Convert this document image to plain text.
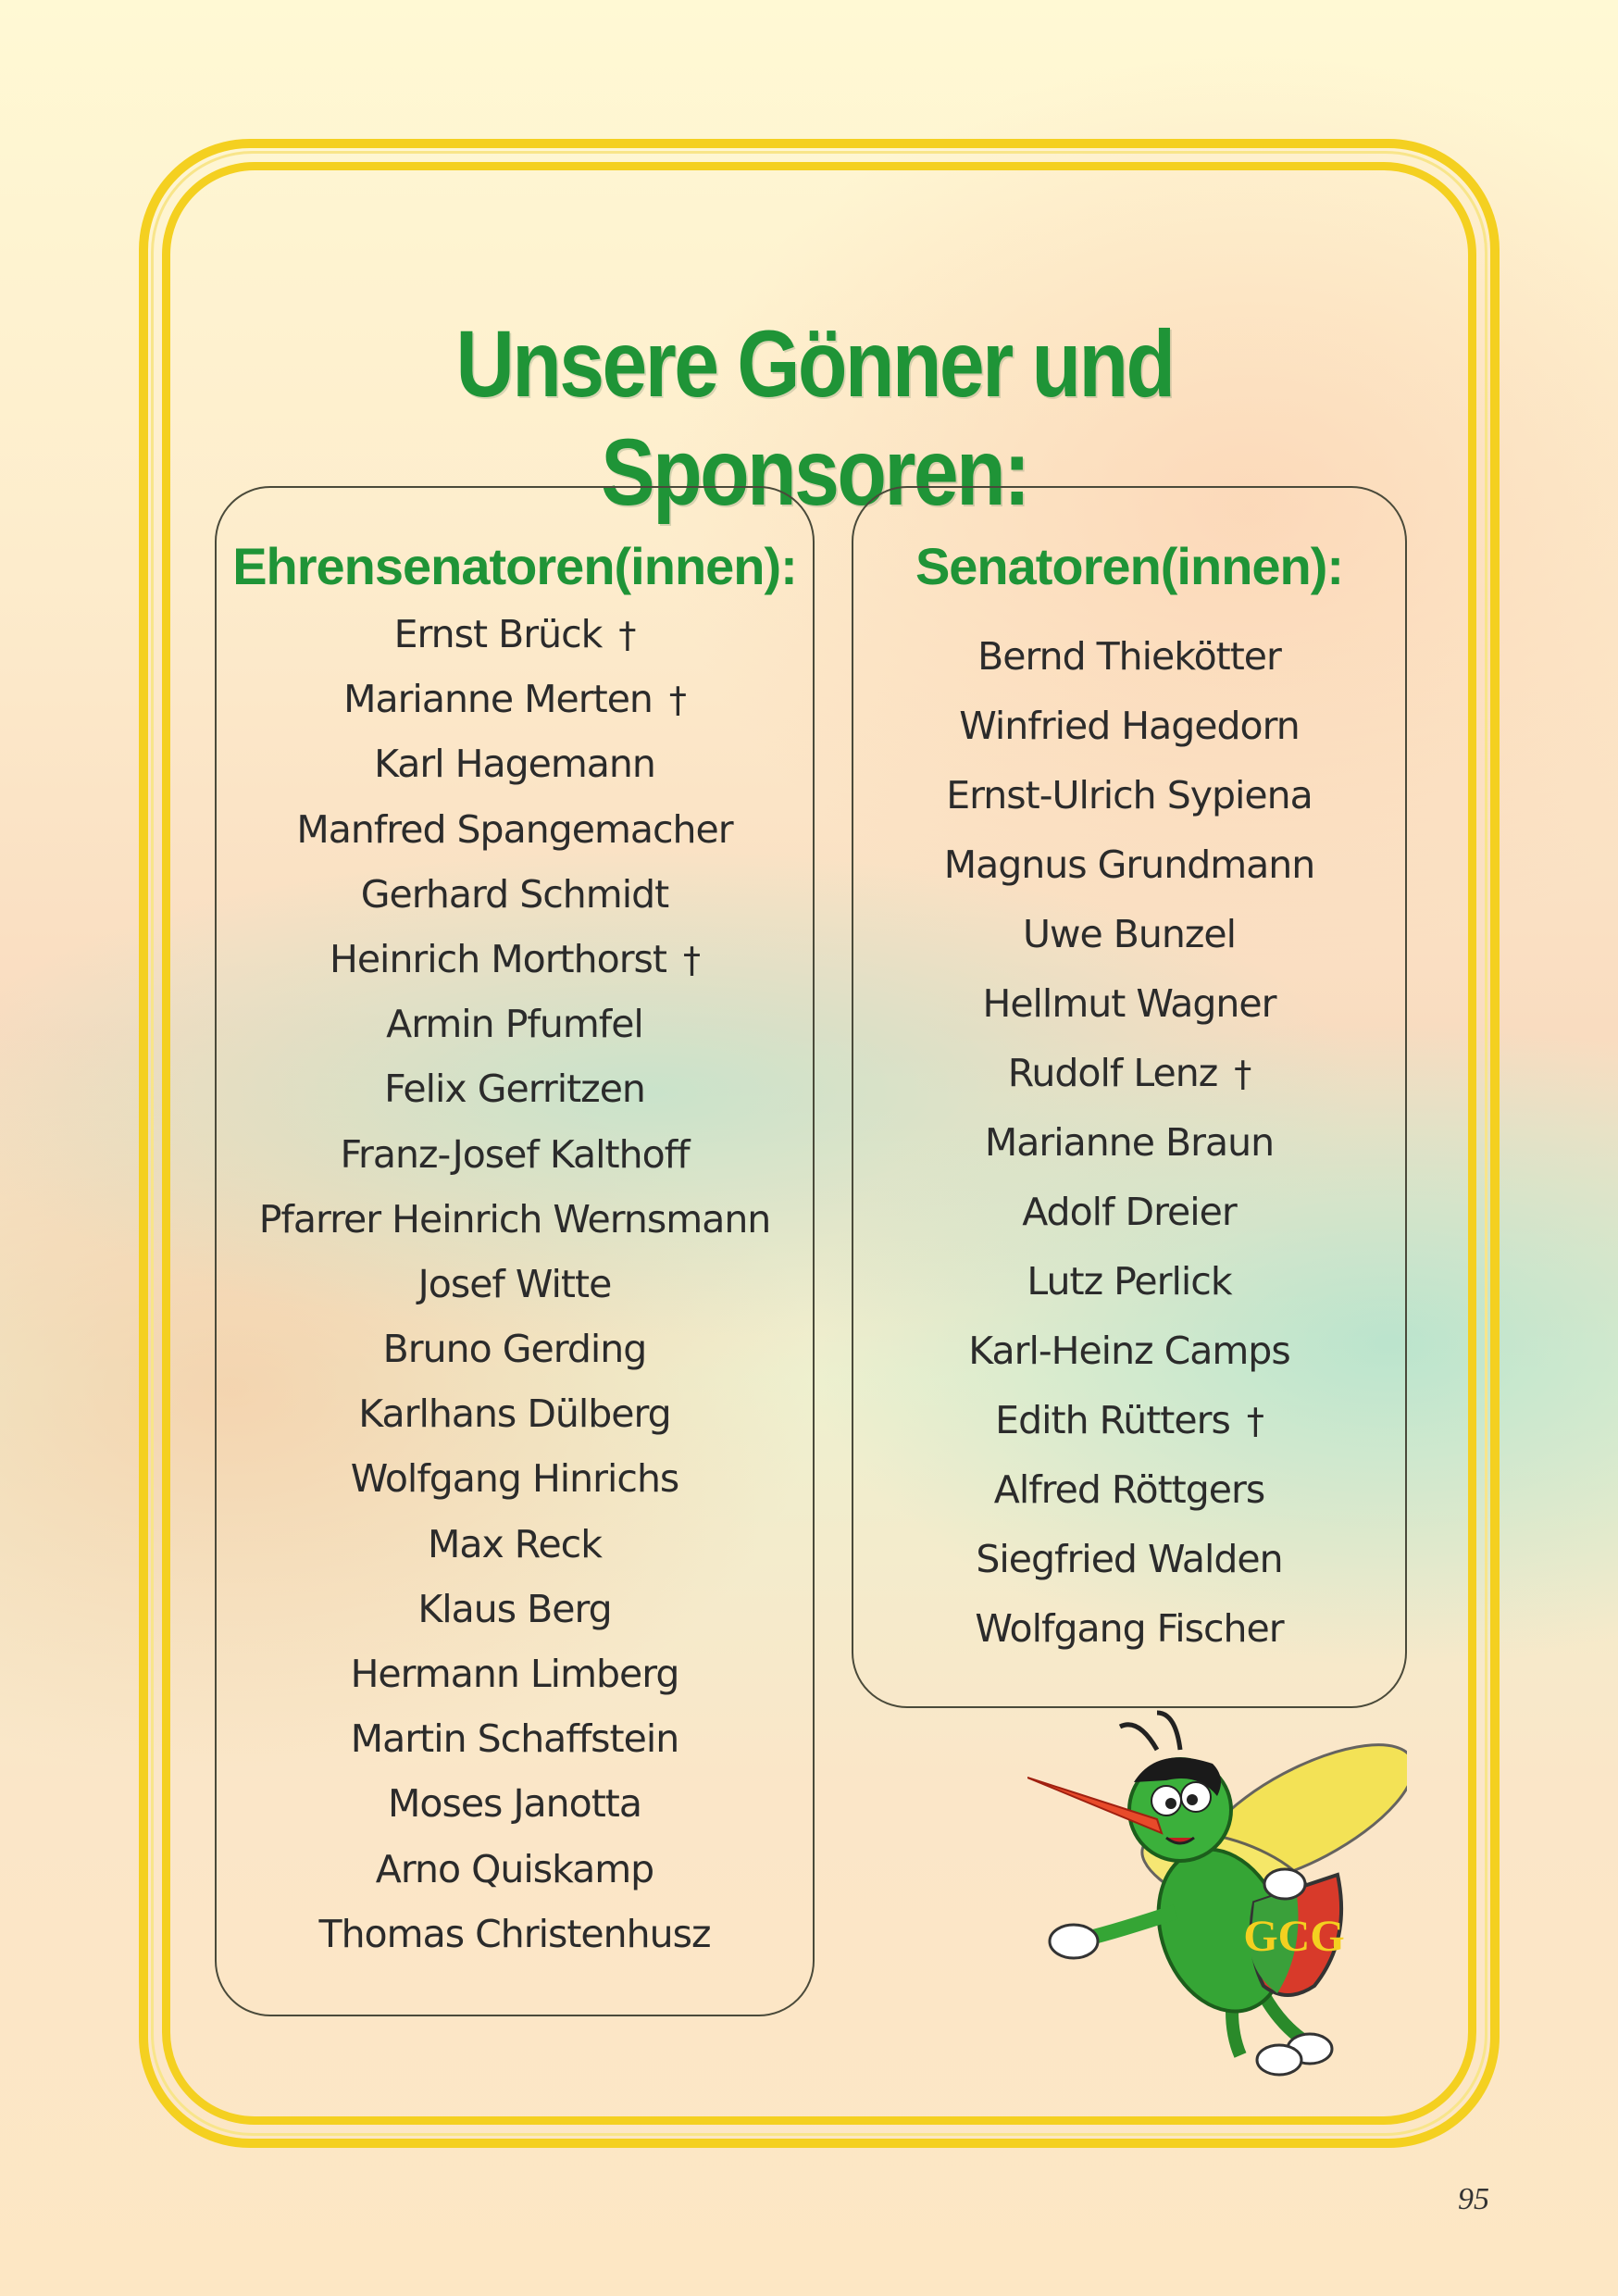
Unsere Gönner und Sponsoren:
Ehrensenatoren(innen):
Ernst Brück †
Marianne Merten †
Karl Hagemann
Manfred Spangemacher
Gerhard Schmidt
Heinrich Morthorst †
Armin Pfumfel
Felix Gerritzen
Franz-Josef Kalthoff
Pfarrer Heinrich Wernsmann
Josef Witte
Bruno Gerding
Karlhans Dülberg
Wolfgang Hinrichs
Max Reck
Klaus Berg
Hermann Limberg
Martin Schaffstein
Moses Janotta
Arno Quiskamp
Thomas Christenhusz
Senatoren(innen):
Bernd Thiekötter
Winfried Hagedorn
Ernst-Ulrich Sypiena
Magnus Grundmann
Uwe Bunzel
Hellmut Wagner
Rudolf Lenz †
Marianne Braun
Adolf Dreier
Lutz Perlick
Karl-Heinz Camps
Edith Rütters †
Alfred Röttgers
Siegfried Walden
Wolfgang Fischer
GCG
95
